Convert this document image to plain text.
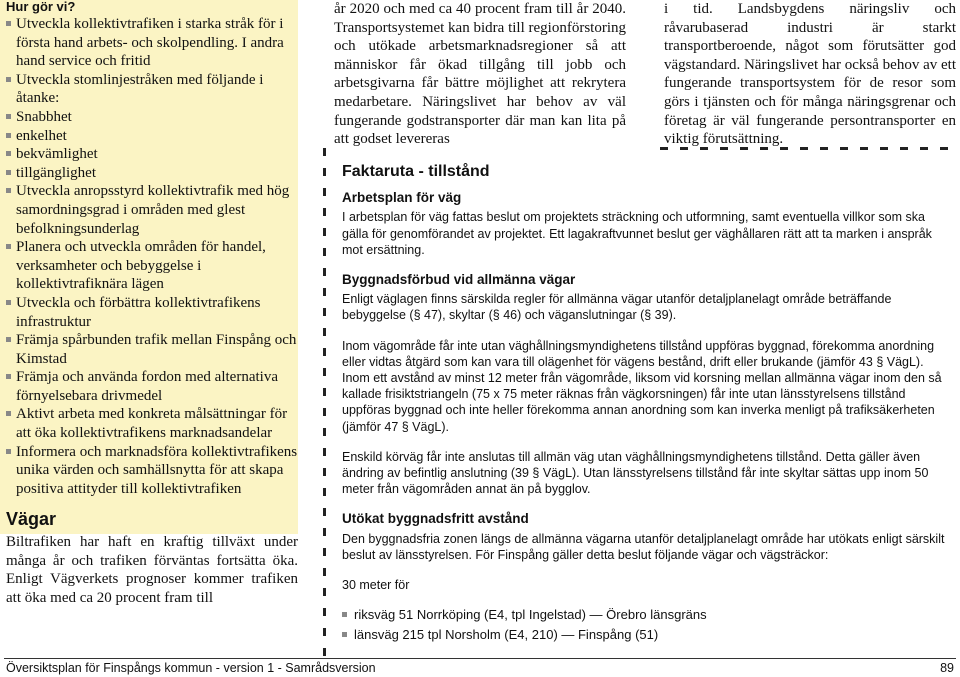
Hur gör vi?
Utveckla kollektivtrafiken i starka stråk för i första hand arbets- och skolpendling. I andra hand service och fritid
Utveckla stomlinjestråken med följande i åtanke:
Snabbhet
enkelhet
bekvämlighet
tillgänglighet
Utveckla anropsstyrd kollektivtrafik med hög samordningsgrad i områden med glest befolkningsunderlag
Planera och utveckla områden för handel, verksamheter och bebyggelse i kollektivtrafiknära lägen
Utveckla och förbättra kollektivtrafikens infrastruktur
Främja spårbunden trafik mellan Finspång och Kimstad
Främja och använda fordon med alternativa förnyelsebara drivmedel
Aktivt arbeta med konkreta målsättningar för att öka kollektivtrafikens marknadsandelar
Informera och marknadsföra kollektivtrafikens unika värden och samhällsnytta för att skapa positiva attityder till kollektivtrafiken
Vägar

Biltrafiken har haft en kraftig tillväxt under många år och trafiken förväntas fortsätta öka. Enligt Vägverkets prognoser kommer trafiken att öka med ca 20 procent fram till

år 2020 och med ca 40 procent fram till år 2040. Transportsystemet kan bidra till regionförstoring och utökade arbetsmarknadsregioner så att människor får ökad tillgång till jobb och arbetsgivarna får bättre möjlighet att rekrytera medarbetare. Näringslivet har behov av väl fungerande godstransporter där man kan lita på att godset levereras
i tid. Landsbygdens näringsliv och råvarubaserad industri är starkt transportberoende, något som förutsätter god vägstandard. Näringslivet har också behov av ett fungerande transportsystem för de resor som görs i tjänsten och för många näringsgrenar och företag är väl fungerande persontransporter en viktig förutsättning.
Faktaruta - tillstånd
Arbetsplan för väg

I arbetsplan för väg fattas beslut om projektets sträckning och utformning, samt eventuella villkor som ska gälla för genomförandet av projektet. Ett lagakraftvunnet beslut ger väghållaren rätt att ta marken i anspråk mot ersättning.

Byggnadsförbud vid allmänna vägar

Enligt väglagen finns särskilda regler för allmänna vägar utanför detaljplanelagt område beträffande bebyggelse (§ 47), skyltar (§ 46) och väganslutningar (§ 39).

Inom vägområde får inte utan väghållningsmyndighetens tillstånd uppföras byggnad, förekomma anordning eller vidtas åtgärd som kan vara till olägenhet för vägens bestånd, drift eller brukande (jämför 43 § VägL). Inom ett avstånd av minst 12 meter från vägområde, liksom vid korsning mellan allmänna vägar inom den så kallade frisiktstriangeln (75 x 75 meter räknas från vägkorsningen) får inte utan länsstyrelsens tillstånd uppföras byggnad och inte heller förekomma annan anordning som kan inverka menligt på trafiksäkerheten (jämför 47 § VägL).

Enskild körväg får inte anslutas till allmän väg utan väghållningsmyndighetens tillstånd. Detta gäller även ändring av befintlig anslutning (39 § VägL). Utan länsstyrelsens tillstånd får inte skyltar sättas upp inom 50 meter från vägområden annat än på bygglov.

Utökat byggnadsfritt avstånd

Den byggnadsfria zonen längs de allmänna vägarna utanför detaljplanelagt område har utökats enligt särskilt beslut av länsstyrelsen. För Finspång gäller detta beslut följande vägar och vägsträckor:

30 meter för

riksväg 51 Norrköping (E4, tpl Ingelstad) — Örebro länsgräns
länsväg 215 tpl Norsholm (E4, 210) — Finspång (51)
Översiktsplan för Finspångs kommun - version 1 - Samrådsversion	89
